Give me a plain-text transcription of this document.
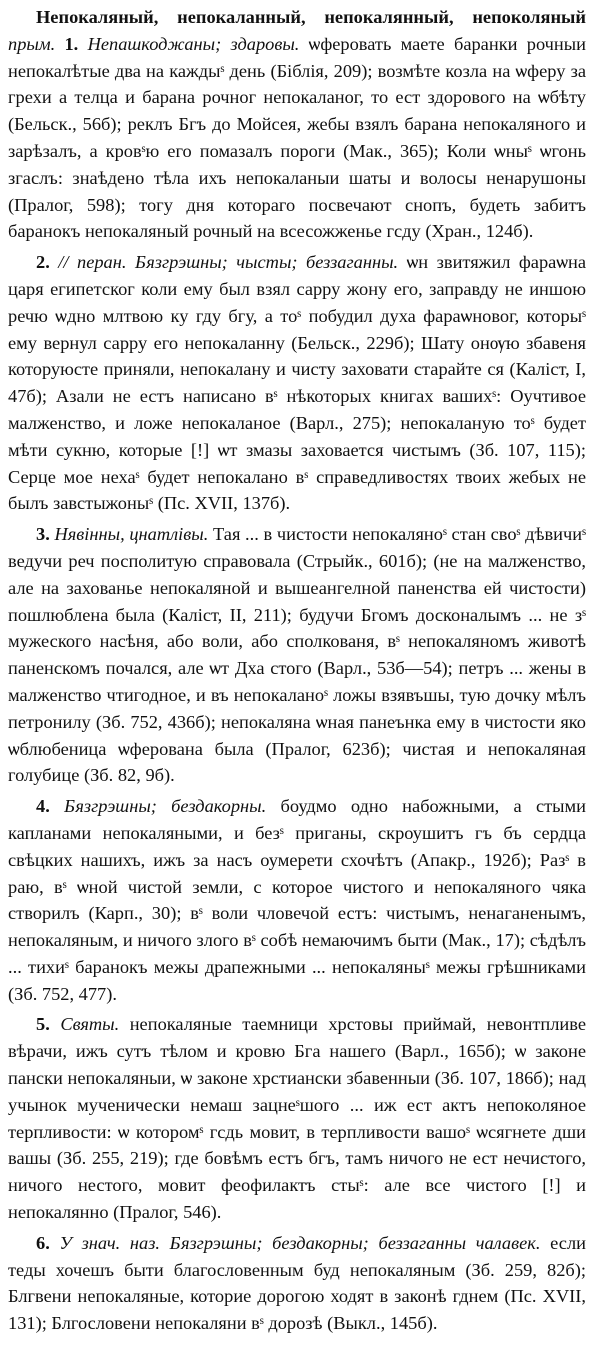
Непокаляный, непокаланный, непокалянный, непоколяный прым. 1. Непашкоджаны; здаровы. ѡферовать маете баранки рочныи непокалѣтые два на каждыˢ день (Біблія, 209); возмѣте козла на ѡферу за грехи а телца и барана рочног непокаланог, то ест здорового на ѡбѣту (Бельск., 56б); реклъ Бгъ до Мойсея, жебы взялъ барана непокаляного и зарѣзалъ, а кровˢю его помазалъ пороги (Мак., 365); Коли ѡныˢ ѡгонь згаслъ: знаѣдено тѣла ихъ непокаланыи шаты и волосы ненарушоны (Пралог, 598); тогу дня котораго посвечают снопъ, будеть забитъ баранокъ непокаляный рочный на всесожженье гсду (Хран., 124б).

2. // перан. Бязгрэшны; чысты; беззаганны. ѡн звитяжил фараѡна царя египетског коли ему был взял сарру жону его, заправду не иншою речю ѡдно млтвою ку гду бгу, а тоˢ побудил духа фараѡновог, которыˢ ему вернул сарру его непокаланну (Бельск., 229б); Шату онѹю збавеня которуюсте приняли, непокалану и чисту заховати старайте ся (Каліст, I, 47б); Азали не естъ написано вˢ нѣкоторых книгах вашихˢ: Оучтивое малженство, и ложе непокаланое (Варл., 275); непокаланую тоˢ будет мѣти сукню, которые [!] ѡт змазы заховается чистымъ (Зб. 107, 115); Серце мое нехаˢ будет непокалано вˢ справедливостях твоих жебых не былъ завстыжоныˢ (Пс. XVII, 137б).

3. Нявінны, цнатлівы. Тая ... в чистости непокаляноˢ стан своˢ дѣвичиˢ ведучи реч посполитую справовала (Стрыйк., 601б); (не на малженство, але на захованье непокаляной и вышеангелной паненства ей чистости) пошлюблена была (Каліст, II, 211); будучи Бгомъ досконалымъ ... не зˢ мужеского насѣня, або воли, або сполкованя, вˢ непокаляномъ животѣ паненскомъ почался, але ѡт Дха стого (Варл., 53б—54); петръ ... жены в малженство чтигодное, и въ непокаланоˢ ложы взявъшы, тую дочку мѣлъ петронилу (Зб. 752, 436б); непокаляна ѡная панеънка ему в чистости яко ѡблюбеница ѡферована была (Пралог, 623б); чистая и непокаляная голубице (Зб. 82, 9б).

4. Бязгрэшны; бездакорны. боудмо одно набожными, а стыми капланами непокаляными, и безˢ приганы, скроушитъ гъ бъ сердца свѣцких нашихъ, ижъ за насъ оумерети схочѣтъ (Апакр., 192б); Разˢ в раю, вˢ ѡной чистой земли, с которое чистого и непокаляного чяка створилъ (Карп., 30); вˢ воли чловечой естъ: чистымъ, ненаганенымъ, непокаляным, и ничого злого вˢ собѣ немаючимъ быти (Мак., 17); сѣдѣлъ ... тихиˢ баранокъ межы драпежными ... непокаляныˢ межы грѣшниками (Зб. 752, 477).

5. Святы. непокаляные таемници хрстовы приймай, невонтпливе вѣрачи, ижъ сутъ тѣлом и кровю Бга нашего (Варл., 165б); ѡ законе пански непокаляныи, ѡ законе хрстиански збавенныи (Зб. 107, 186б); над учынок мученически немаш зацнеˢшого ... иж ест актъ непоколяное терпливости: ѡ которомˢ гсдь мовит, в терпливости вашоˢ ѡсягнете дши вашы (Зб. 255, 219); где бовѣмъ естъ бгъ, тамъ ничого не ест нечистого, ничого нестого, мовит феофилактъ стыˢ: але все чистого [!] и непокалянно (Пралог, 546).

6. У знач. наз. Бязгрэшны; бездакорны; беззаганны чалавек. если теды хочешъ быти благословенным буд непокаляным (Зб. 259, 82б); Блгвени непокаляные, которие дорогою ходят в законѣ гднем (Пс. XVII, 131); Блгословени непокаляни вˢ дорозѣ (Выкл., 145б).
